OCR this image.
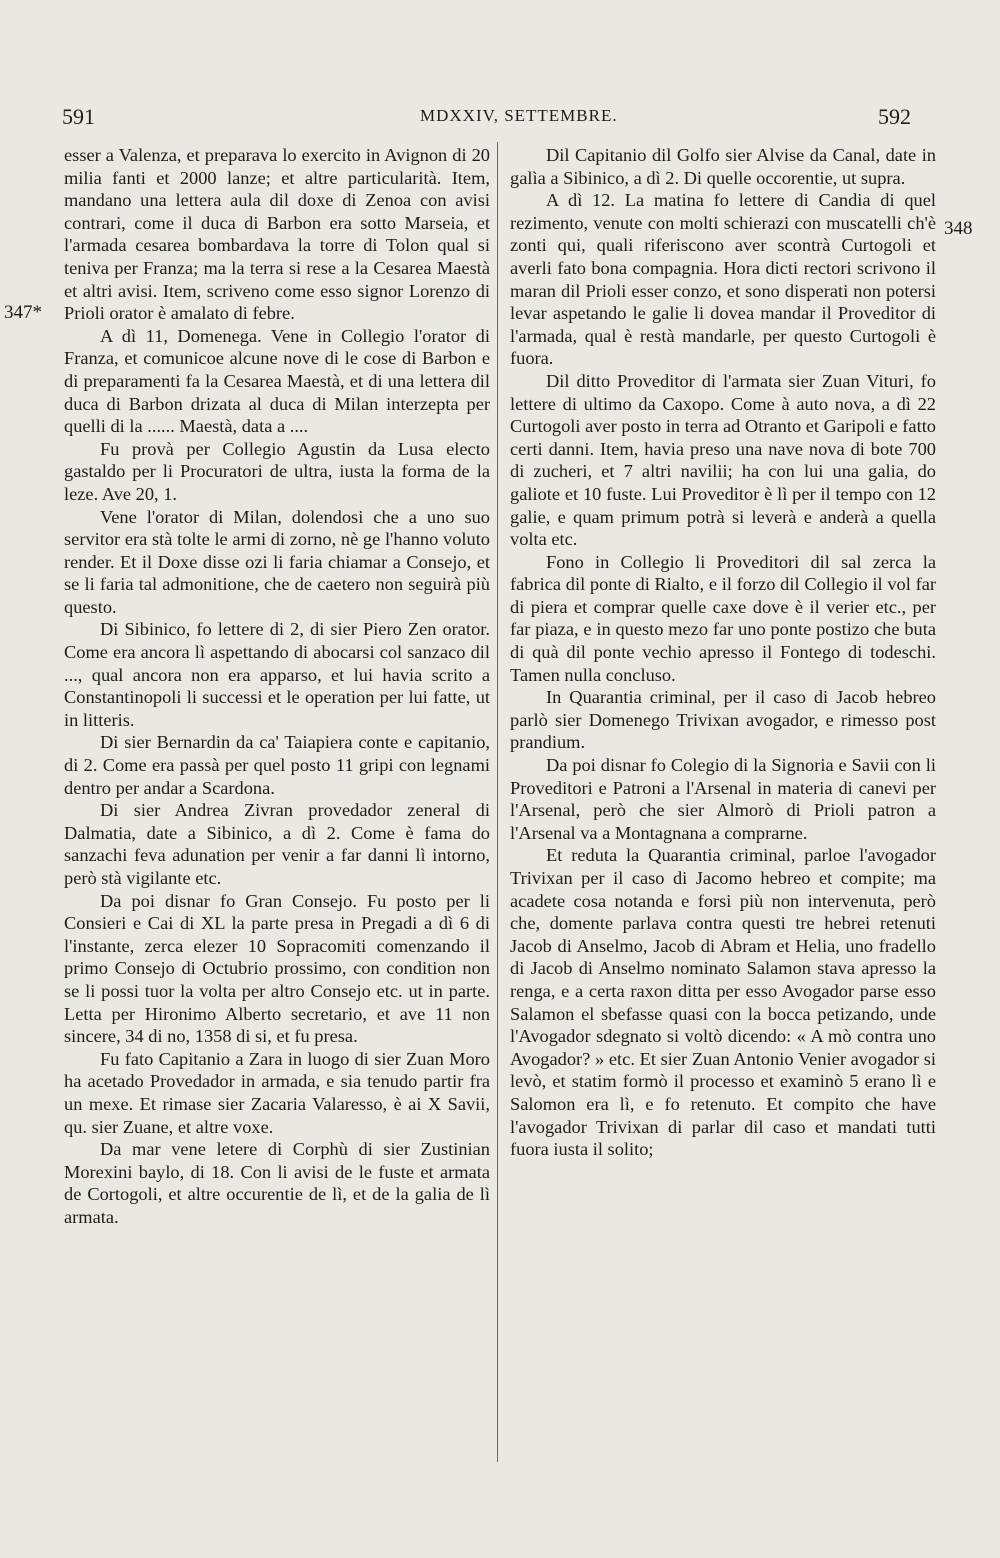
591	MDXXIV, SETTEMBRE.	592
347*
348

esser a Valenza, et preparava lo exercito in Avignon di 20 milia fanti et 2000 lanze; et altre particularità. Item, mandano una lettera aula dil doxe di Zenoa con avisi contrari, come il duca di Barbon era sotto Marseia, et l'armada cesarea bombardava la torre di Tolon qual si teniva per Franza; ma la terra si rese a la Cesarea Maestà et altri avisi. Item, scriveno come esso signor Lorenzo di Prioli orator è amalato di febre.

A dì 11, Domenega. Vene in Collegio l'orator di Franza, et comunicoe alcune nove di le cose di Barbon e di preparamenti fa la Cesarea Maestà, et di una lettera dil duca di Barbon drizata al duca di Milan interzepta per quelli di la ...... Maestà, data a ....

Fu provà per Collegio Agustin da Lusa electo gastaldo per li Procuratori de ultra, iusta la forma de la leze. Ave 20, 1.

Vene l'orator di Milan, dolendosi che a uno suo servitor era stà tolte le armi di zorno, nè ge l'hanno voluto render. Et il Doxe disse ozi li faria chiamar a Consejo, et se li faria tal admonitione, che de caetero non seguirà più questo.

Di Sibinico, fo lettere di 2, di sier Piero Zen orator. Come era ancora lì aspettando di abocarsi col sanzaco dil ..., qual ancora non era apparso, et lui havia scrito a Constantinopoli li successi et le operation per lui fatte, ut in litteris.

Di sier Bernardin da ca' Taiapiera conte e capitanio, di 2. Come era passà per quel posto 11 gripi con legnami dentro per andar a Scardona.

Di sier Andrea Zivran provedador zeneral di Dalmatia, date a Sibinico, a dì 2. Come è fama do sanzachi feva adunation per venir a far danni lì intorno, però stà vigilante etc.

Da poi disnar fo Gran Consejo. Fu posto per li Consieri e Cai di XL la parte presa in Pregadi a dì 6 di l'instante, zerca elezer 10 Sopracomiti comenzando il primo Consejo di Octubrio prossimo, con condition non se li possi tuor la volta per altro Consejo etc. ut in parte. Letta per Hironimo Alberto secretario, et ave 11 non sincere, 34 di no, 1358 di si, et fu presa.

Fu fato Capitanio a Zara in luogo di sier Zuan Moro ha acetado Provedador in armada, e sia tenudo partir fra un mexe. Et rimase sier Zacaria Valaresso, è ai X Savii, qu. sier Zuane, et altre voxe.

Da mar vene letere di Corphù di sier Zustinian Morexini baylo, di 18. Con li avisi de le fuste et armata de Cortogoli, et altre occurentie de lì, et de la galia de lì armata.

Dil Capitanio dil Golfo sier Alvise da Canal, date in galìa a Sibinico, a dì 2. Di quelle occorentie, ut supra.

A dì 12. La matina fo lettere di Candia di quel rezimento, venute con molti schierazi con muscatelli ch'è zonti qui, quali riferiscono aver scontrà Curtogoli et averli fato bona compagnia. Hora dicti rectori scrivono il maran dil Prioli esser conzo, et sono disperati non potersi levar aspetando le galie li dovea mandar il Proveditor di l'armada, qual è restà mandarle, per questo Curtogoli è fuora.

Dil ditto Proveditor di l'armata sier Zuan Vituri, fo lettere di ultimo da Caxopo. Come à auto nova, a dì 22 Curtogoli aver posto in terra ad Otranto et Garipoli e fatto certi danni. Item, havia preso una nave nova di bote 700 di zucheri, et 7 altri navilii; ha con lui una galia, do galiote et 10 fuste. Lui Proveditor è lì per il tempo con 12 galie, e quam primum potrà si leverà e anderà a quella volta etc.

Fono in Collegio li Proveditori dil sal zerca la fabrica dil ponte di Rialto, e il forzo dil Collegio il vol far di piera et comprar quelle caxe dove è il verier etc., per far piaza, e in questo mezo far uno ponte postizo che buta di quà dil ponte vechio apresso il Fontego di todeschi. Tamen nulla concluso.

In Quarantia criminal, per il caso di Jacob hebreo parlò sier Domenego Trivixan avogador, e rimesso post prandium.

Da poi disnar fo Colegio di la Signoria e Savii con li Proveditori e Patroni a l'Arsenal in materia di canevi per l'Arsenal, però che sier Almorò di Prioli patron a l'Arsenal va a Montagnana a comprarne.

Et reduta la Quarantia criminal, parloe l'avogador Trivixan per il caso di Jacomo hebreo et compite; ma acadete cosa notanda e forsi più non intervenuta, però che, domente parlava contra questi tre hebrei retenuti Jacob di Anselmo, Jacob di Abram et Helia, uno fradello di Jacob di Anselmo nominato Salamon stava apresso la renga, e a certa raxon ditta per esso Avogador parse esso Salamon el sbefasse quasi con la bocca petizando, unde l'Avogador sdegnato si voltò dicendo: « A mò contra uno Avogador? » etc. Et sier Zuan Antonio Venier avogador si levò, et statim formò il processo et examinò 5 erano lì e Salomon era lì, e fo retenuto. Et compito che have l'avogador Trivixan di parlar dil caso et mandati tutti fuora iusta il solito;
